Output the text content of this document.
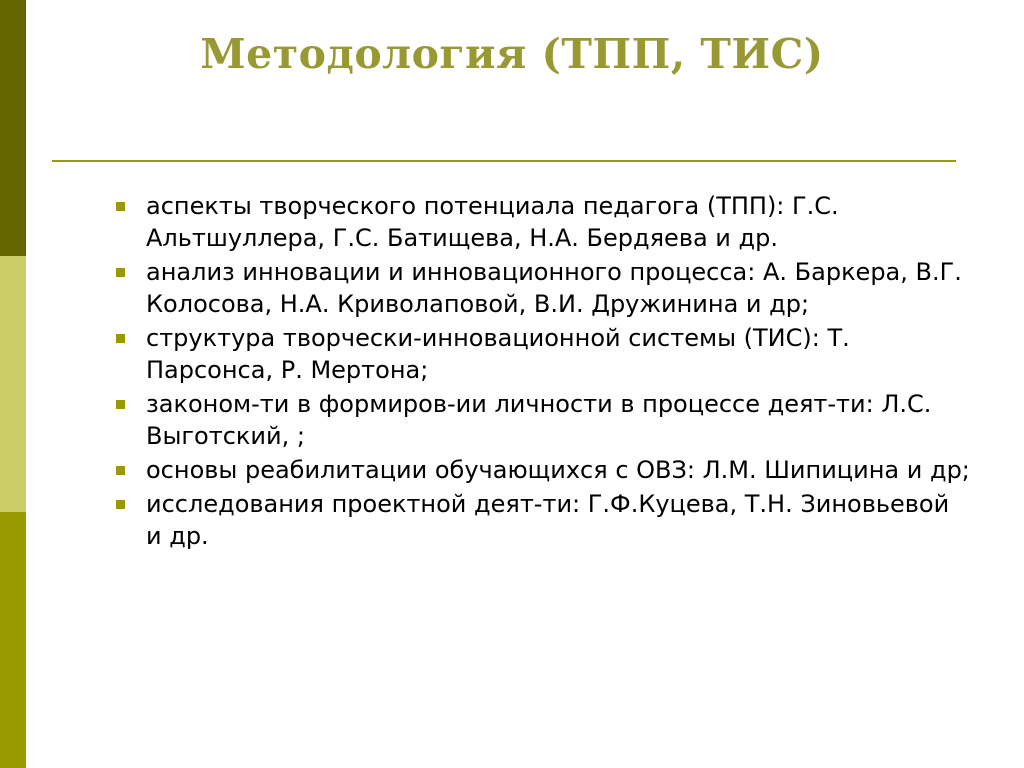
Методология (ТПП, ТИС)
аспекты творческого потенциала педагога (ТПП): Г.С. Альтшуллера, Г.С. Батищева, Н.А. Бердяева и др.
анализ инновации и инновационного процесса: А. Баркера, В.Г. Колосова, Н.А. Криволаповой, В.И. Дружинина и др;
структура творчески-инновационной системы (ТИС): Т. Парсонса, Р. Мертона;
законом-ти в формиров-ии личности в процессе деят-ти: Л.С. Выготский, ;
основы реабилитации обучающихся с ОВЗ: Л.М. Шипицина и др;
исследования проектной деят-ти: Г.Ф.Куцева, Т.Н. Зиновьевой и др.
